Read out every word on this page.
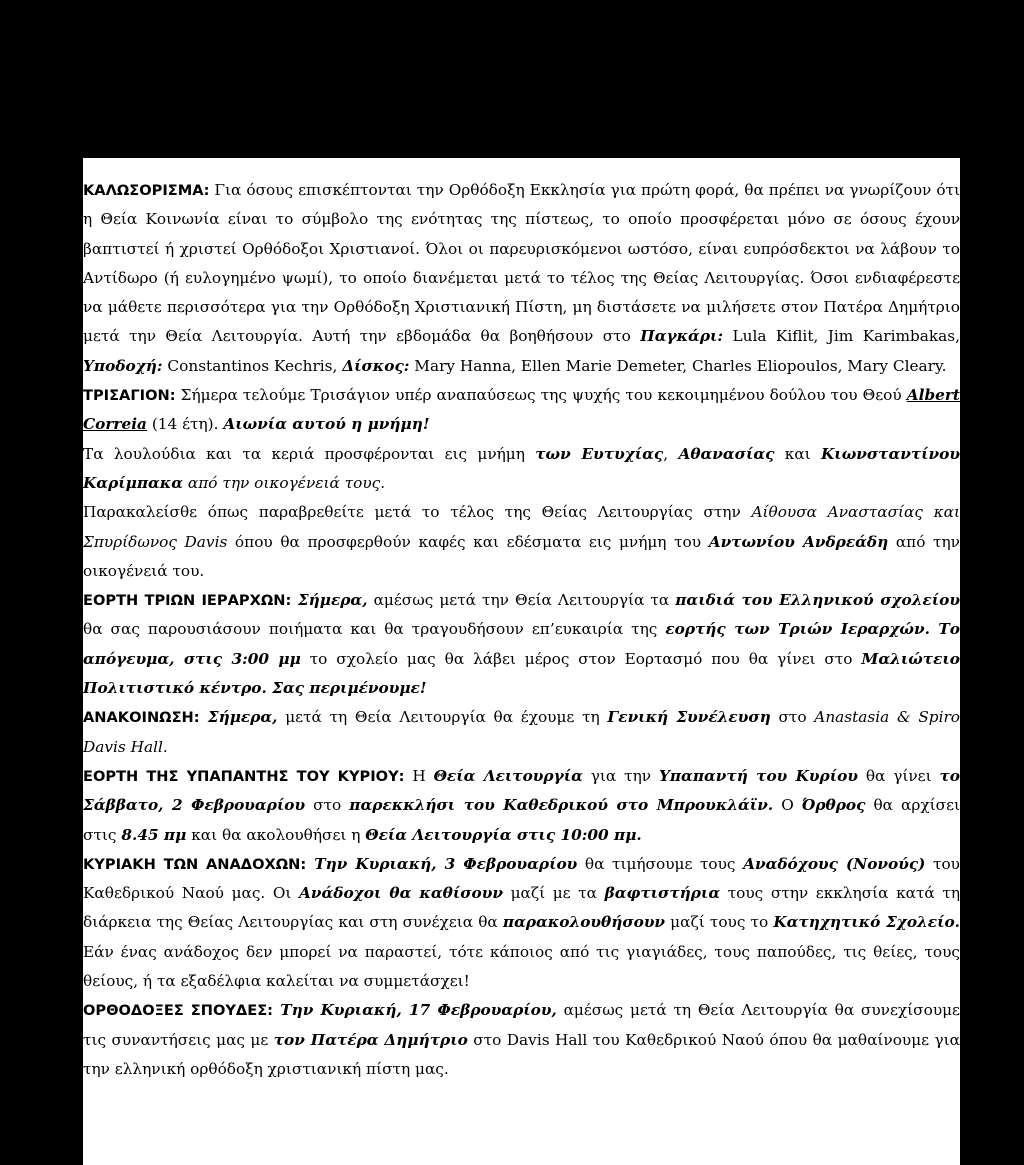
ΚΑΛΩΣΟΡΙΣΜΑ: Για όσους επισκέπτονται την Ορθόδοξη Εκκλησία για πρώτη φορά, θα πρέπει να γνωρίζουν ότι η Θεία Κοινωνία είναι το σύμβολο της ενότητας της πίστεως, το οποίο προσφέρεται μόνο σε όσους έχουν βαπτιστεί ή χριστεί Ορθόδοξοι Χριστιανοί. Όλοι οι παρευρισκόμενοι ωστόσο, είναι ευπρόσδεκτοι να λάβουν το Αντίδωρο (ή ευλογημένο ψωμί), το οποίο διανέμεται μετά το τέλος της Θείας Λειτουργίας. Όσοι ενδιαφέρεστε να μάθετε περισσότερα για την Ορθόδοξη Χριστιανική Πίστη, μη διστάσετε να μιλήσετε στον Πατέρα Δημήτριο μετά την Θεία Λειτουργία. Αυτή την εβδομάδα θα βοηθήσουν στο Παγκάρι: Lula Kiflit, Jim Karimbakas, Υποδοχή: Constantinos Kechris, Δίσκος: Mary Hanna, Ellen Marie Demeter, Charles Eliopoulos, Mary Cleary.

ΤΡΙΣΑΓΙΟΝ: Σήμερα τελούμε Τρισάγιον υπέρ αναπαύσεως της ψυχής του κεκοιμημένου δούλου του Θεού Albert Correia (14 έτη). Αιωνία αυτού η μνήμη!

Τα λουλούδια και τα κεριά προσφέρονται εις μνήμη των Ευτυχίας, Αθανασίας και Κιωνσταντίνου Καρίμπακα από την οικογένειά τους.

Παρακαλείσθε όπως παραβρεθείτε μετά το τέλος της Θείας Λειτουργίας στην Αίθουσα Αναστασίας και Σπυρίδωνος Davis όπου θα προσφερθούν καφές και εδέσματα εις μνήμη του Αντωνίου Ανδρεάδη από την οικογένειά του.

ΕΟΡΤΗ ΤΡΙΩΝ ΙΕΡΑΡΧΩΝ: Σήμερα, αμέσως μετά την Θεία Λειτουργία τα παιδιά του Ελληνικού σχολείου θα σας παρουσιάσουν ποιήματα και θα τραγουδήσουν επ’ευκαιρία της εορτής των Τριών Ιεραρχών. Το απόγευμα, στις 3:00 μμ το σχολείο μας θα λάβει μέρος στον Εορτασμό που θα γίνει στο Μαλιώτειο Πολιτιστικό κέντρο. Σας περιμένουμε!

ΑΝΑΚΟΙΝΩΣΗ: Σήμερα, μετά τη Θεία Λειτουργία θα έχουμε τη Γενική Συνέλευση στο Anastasia & Spiro Davis Hall.

ΕΟΡΤΗ ΤΗΣ ΥΠΑΠΑΝΤΗΣ ΤΟΥ ΚΥΡΙΟΥ: Η Θεία Λειτουργία για την Υπαπαντή του Κυρίου θα γίνει το Σάββατο, 2 Φεβρουαρίου στο παρεκκλήσι του Καθεδρικού στο Μπρουκλάϊν. Ο Όρθρος θα αρχίσει στις 8.45 πμ και θα ακολουθήσει η Θεία Λειτουργία στις 10:00 πμ.

ΚΥΡΙΑΚΗ ΤΩΝ ΑΝΑΔΟΧΩΝ: Την Κυριακή, 3 Φεβρουαρίου θα τιμήσουμε τους Αναδόχους (Νονούς) του Καθεδρικού Ναού μας. Οι Ανάδοχοι θα καθίσουν μαζί με τα βαφτιστήρια τους στην εκκλησία κατά τη διάρκεια της Θείας Λειτουργίας και στη συνέχεια θα παρακολουθήσουν μαζί τους το Κατηχητικό Σχολείο. Εάν ένας ανάδοχος δεν μπορεί να παραστεί, τότε κάποιος από τις γιαγιάδες, τους παπούδες, τις θείες, τους θείους, ή τα εξαδέλφια καλείται να συμμετάσχει!

ΟΡΘΟΔΟΞΕΣ ΣΠΟΥΔΕΣ: Την Κυριακή, 17 Φεβρουαρίου, αμέσως μετά τη Θεία Λειτουργία θα συνεχίσουμε τις συναντήσεις μας με τον Πατέρα Δημήτριο στο Davis Hall του Καθεδρικού Ναού όπου θα μαθαίνουμε για την ελληνική ορθόδοξη χριστιανική πίστη μας.
